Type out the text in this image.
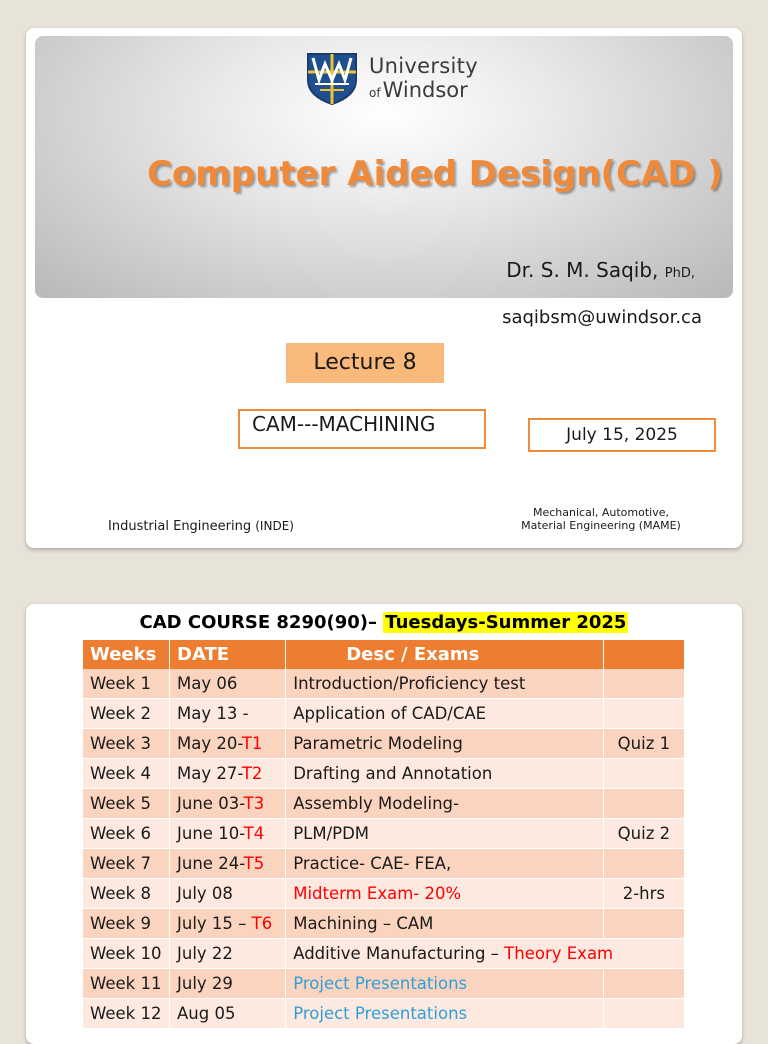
University
ofWindsor
Computer Aided Design(CAD )
Dr. S. M. Saqib, PhD,
saqibsm@uwindsor.ca
Lecture 8
CAM---MACHINING	July 15, 2025
Industrial Engineering (INDE)
Mechanical, Automotive,
Material Engineering (MAME)
CAD COURSE 8290(90)– Tuesdays-Summer 2025
Weeks	DATE	Desc / Exams	
Week 1	May 06	Introduction/Proficiency test	
Week 2	May 13 -	Application of CAD/CAE	
Week 3	May 20-T1	Parametric Modeling	Quiz 1
Week 4	May 27-T2	Drafting and Annotation	
Week 5	June 03-T3	Assembly Modeling-	
Week 6	June 10-T4	PLM/PDM	Quiz 2
Week 7	June 24-T5	Practice- CAE- FEA,	
Week 8	July 08	Midterm Exam- 20%	2-hrs
Week 9	July 15 – T6	Machining – CAM	
Week 10	July 22	Additive Manufacturing – Theory Exam	
Week 11	July 29	Project Presentations	
Week 12	Aug 05	Project Presentations	
